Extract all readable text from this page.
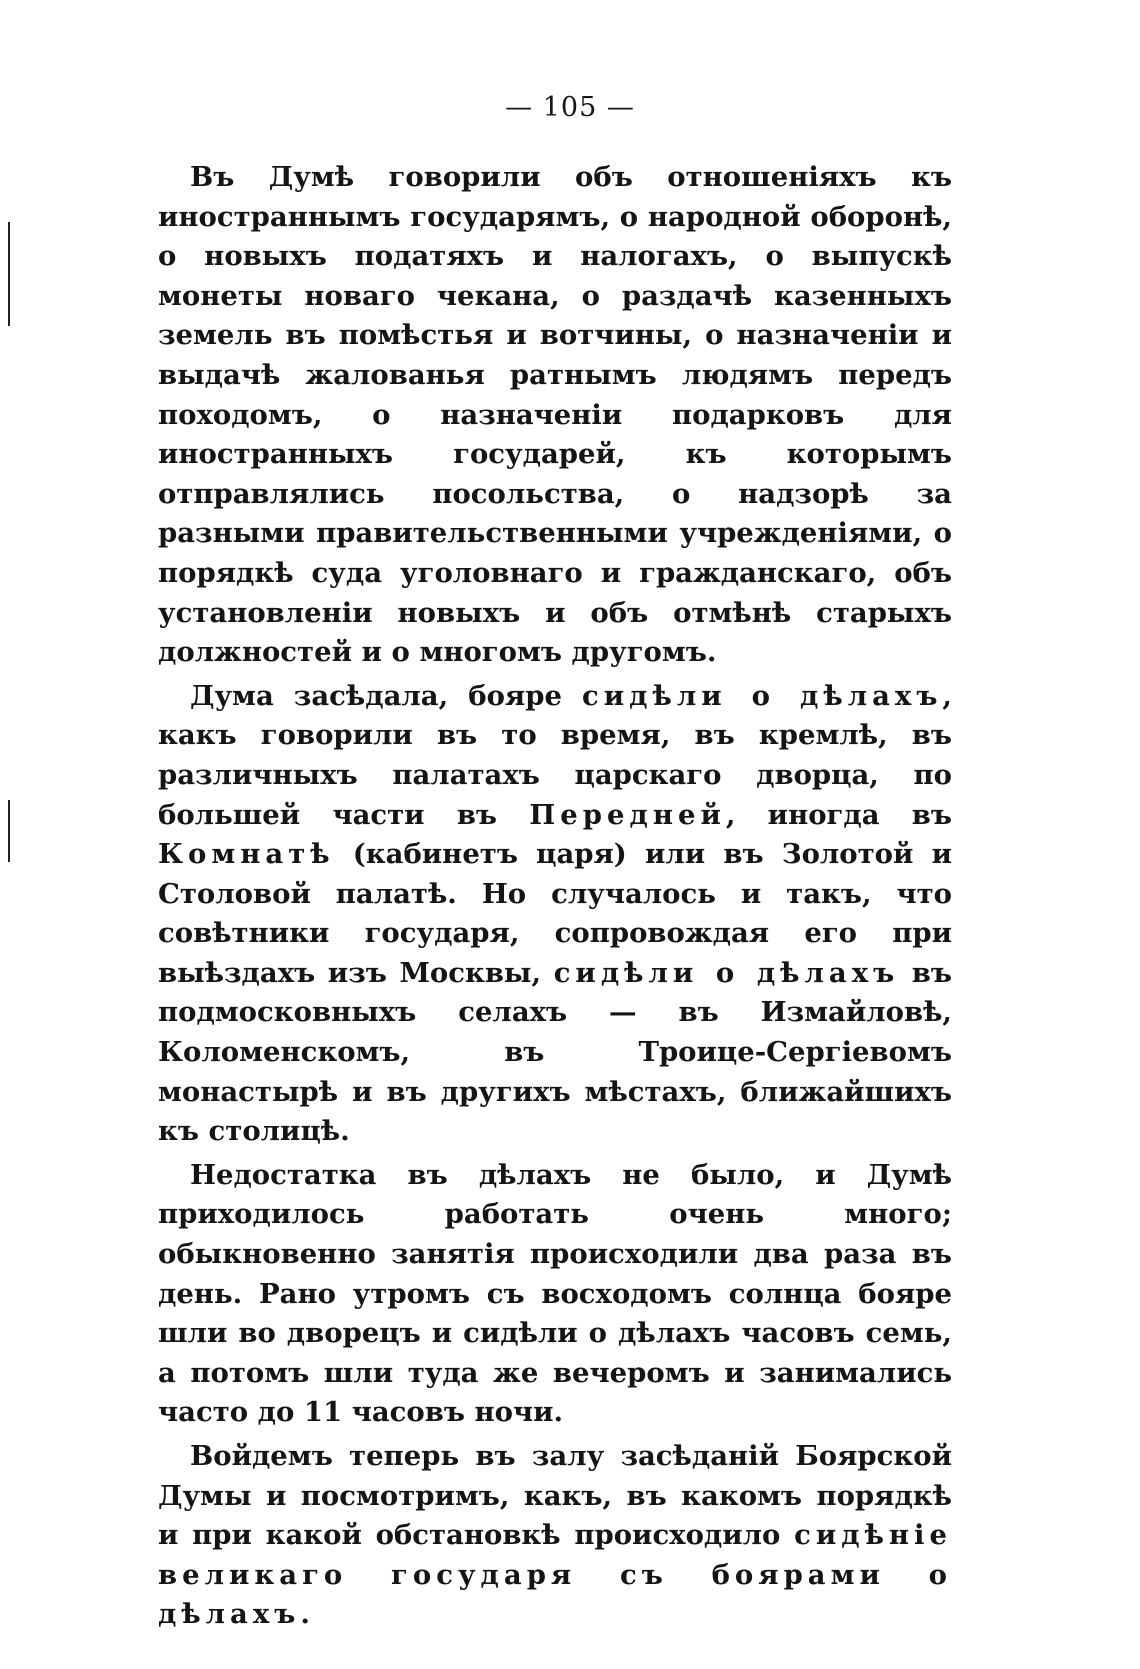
— 105 —

Въ Думѣ говорили объ отношеніяхъ къ иностраннымъ государямъ, о народной оборонѣ, о новыхъ податяхъ и налогахъ, о выпускѣ монеты новаго чекана, о раздачѣ казенныхъ земель въ помѣстья и вотчины, о назначеніи и выдачѣ жалованья ратнымъ людямъ передъ походомъ, о назначеніи подарковъ для иностранныхъ государей, къ которымъ отправлялись посольства, о надзорѣ за разными правительственными учрежденіями, о порядкѣ суда уголовнаго и гражданскаго, объ установленіи новыхъ и объ отмѣнѣ старыхъ должностей и о многомъ другомъ.

Дума засѣдала, бояре сидѣли о дѣлахъ, какъ говорили въ то время, въ кремлѣ, въ различныхъ палатахъ царскаго дворца, по большей части въ Передней, иногда въ Комнатѣ (кабинетъ царя) или въ Золотой и Столовой палатѣ. Но случалось и такъ, что совѣтники государя, сопровождая его при выѣздахъ изъ Москвы, сидѣли о дѣлахъ въ подмосковныхъ селахъ — въ Измайловѣ, Коломенскомъ, въ Троице-Сергіевомъ монастырѣ и въ другихъ мѣстахъ, ближайшихъ къ столицѣ.

Недостатка въ дѣлахъ не было, и Думѣ приходилось работать очень много; обыкновенно занятія происходили два раза въ день. Рано утромъ съ восходомъ солнца бояре шли во дворецъ и сидѣли о дѣлахъ часовъ семь, а потомъ шли туда же вечеромъ и занимались часто до 11 часовъ ночи.

Войдемъ теперь въ залу засѣданій Боярской Думы и посмотримъ, какъ, въ какомъ порядкѣ и при какой обстановкѣ происходило сидѣніе великаго государя съ боярами о дѣлахъ.
